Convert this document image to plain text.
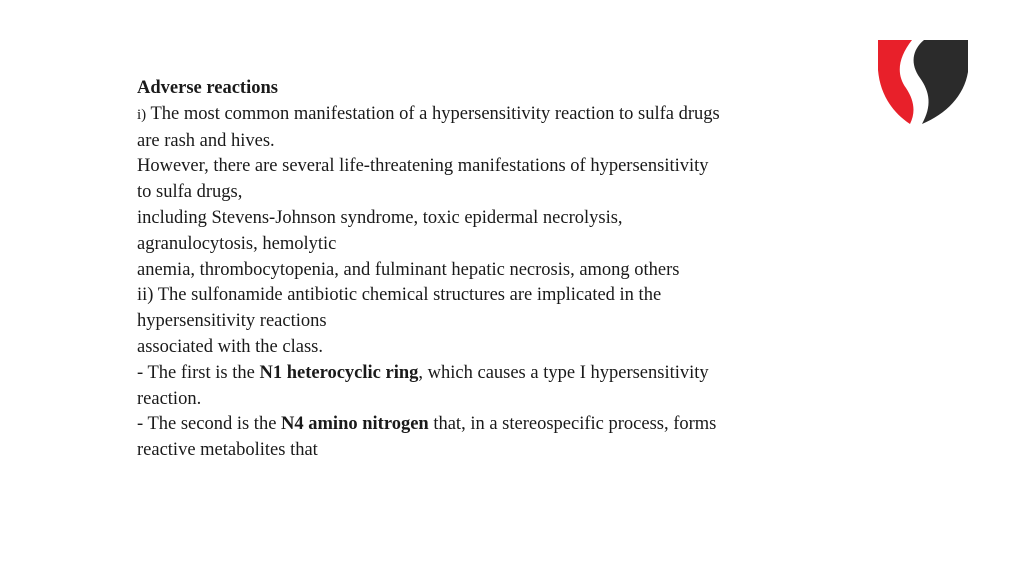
Adverse reactions
i) The most common manifestation of a hypersensitivity reaction to sulfa drugs
are rash and hives.
However, there are several life-threatening manifestations of hypersensitivity
to sulfa drugs,
including Stevens-Johnson syndrome, toxic epidermal necrolysis,
agranulocytosis, hemolytic
anemia, thrombocytopenia, and fulminant hepatic necrosis, among others
ii) The sulfonamide antibiotic chemical structures are implicated in the
hypersensitivity reactions
associated with the class.
- The first is the N1 heterocyclic ring, which causes a type I hypersensitivity
reaction.
- The second is the N4 amino nitrogen that, in a stereospecific process, forms
reactive metabolites that
